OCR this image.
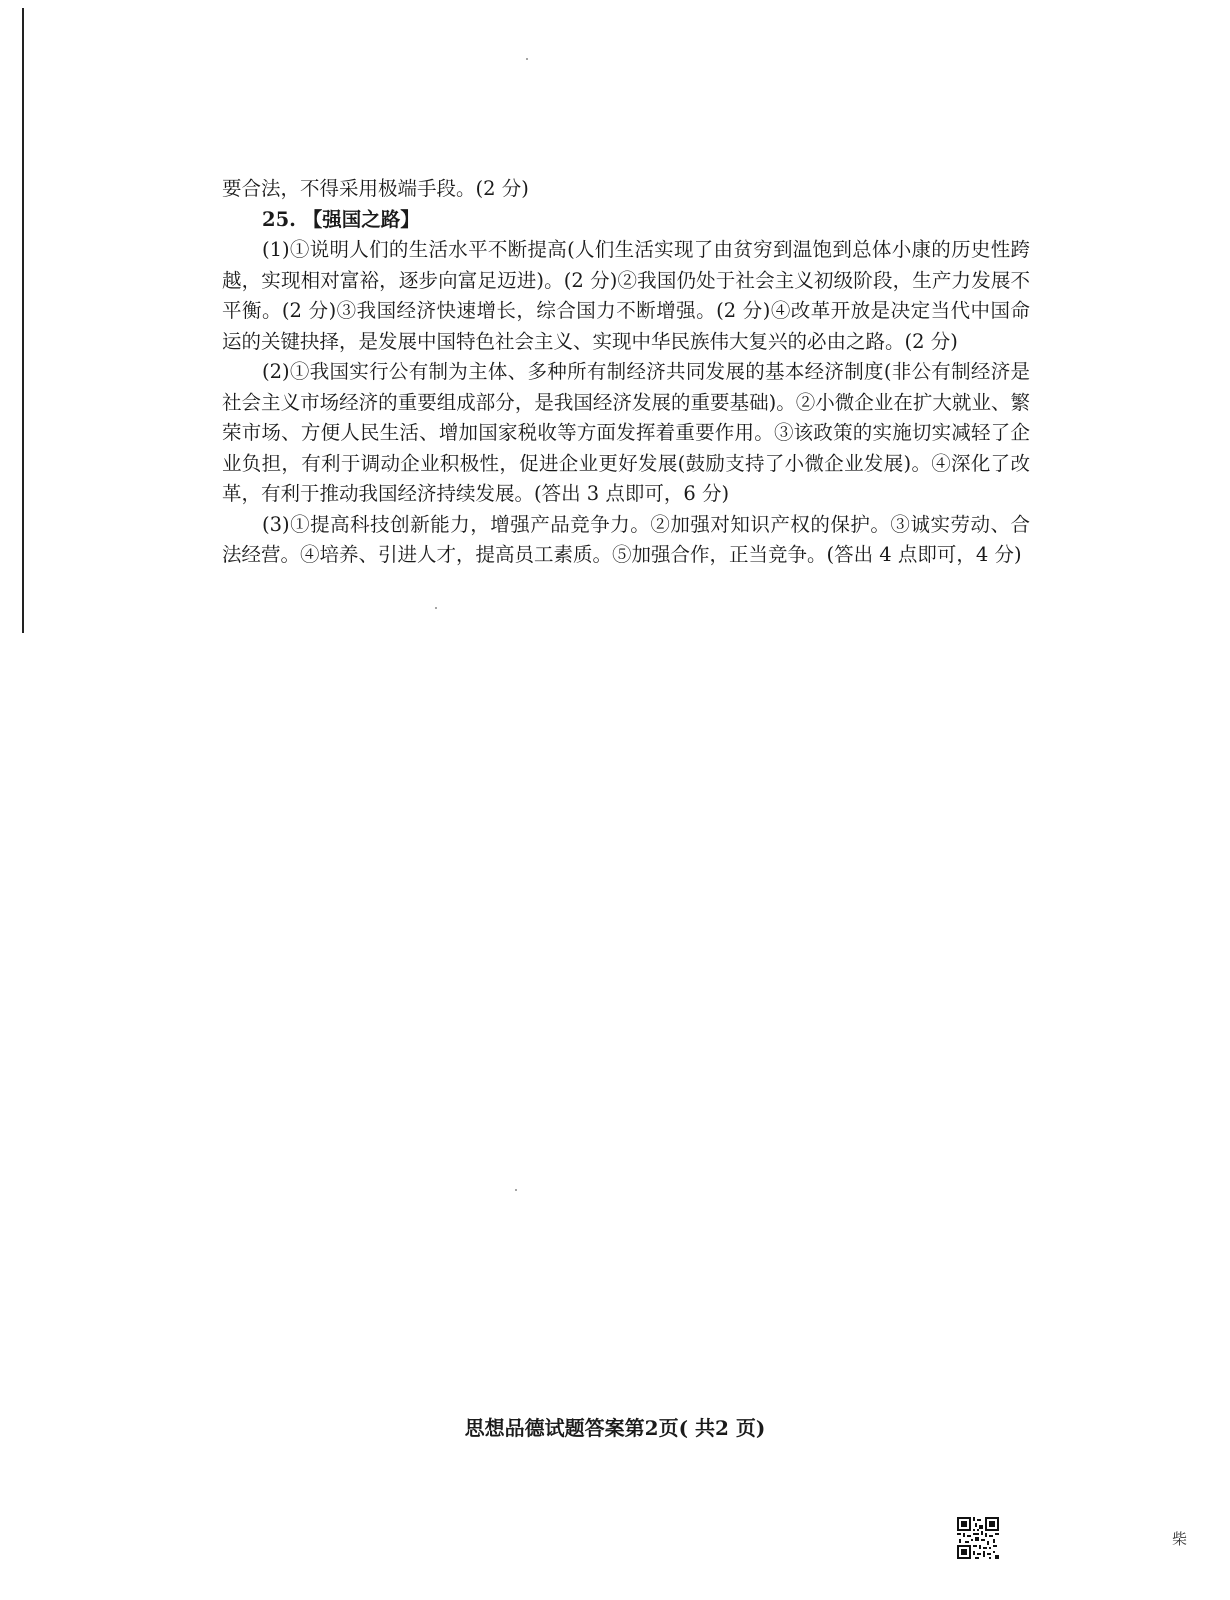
要合法，不得采用极端手段。(2 分)

25. 【强国之路】

(1)①说明人们的生活水平不断提高(人们生活实现了由贫穷到温饱到总体小康的历史性跨越，实现相对富裕，逐步向富足迈进)。(2 分)②我国仍处于社会主义初级阶段，生产力发展不平衡。(2 分)③我国经济快速增长，综合国力不断增强。(2 分)④改革开放是决定当代中国命运的关键抉择，是发展中国特色社会主义、实现中华民族伟大复兴的必由之路。(2 分)

(2)①我国实行公有制为主体、多种所有制经济共同发展的基本经济制度(非公有制经济是社会主义市场经济的重要组成部分，是我国经济发展的重要基础)。②小微企业在扩大就业、繁荣市场、方便人民生活、增加国家税收等方面发挥着重要作用。③该政策的实施切实减轻了企业负担，有利于调动企业积极性，促进企业更好发展(鼓励支持了小微企业发展)。④深化了改革，有利于推动我国经济持续发展。(答出 3 点即可，6 分)

(3)①提高科技创新能力，增强产品竞争力。②加强对知识产权的保护。③诚实劳动、合法经营。④培养、引进人才，提高员工素质。⑤加强合作，正当竞争。(答出 4 点即可，4 分)

思想品德试题答案第2页( 共2 页)
柴
